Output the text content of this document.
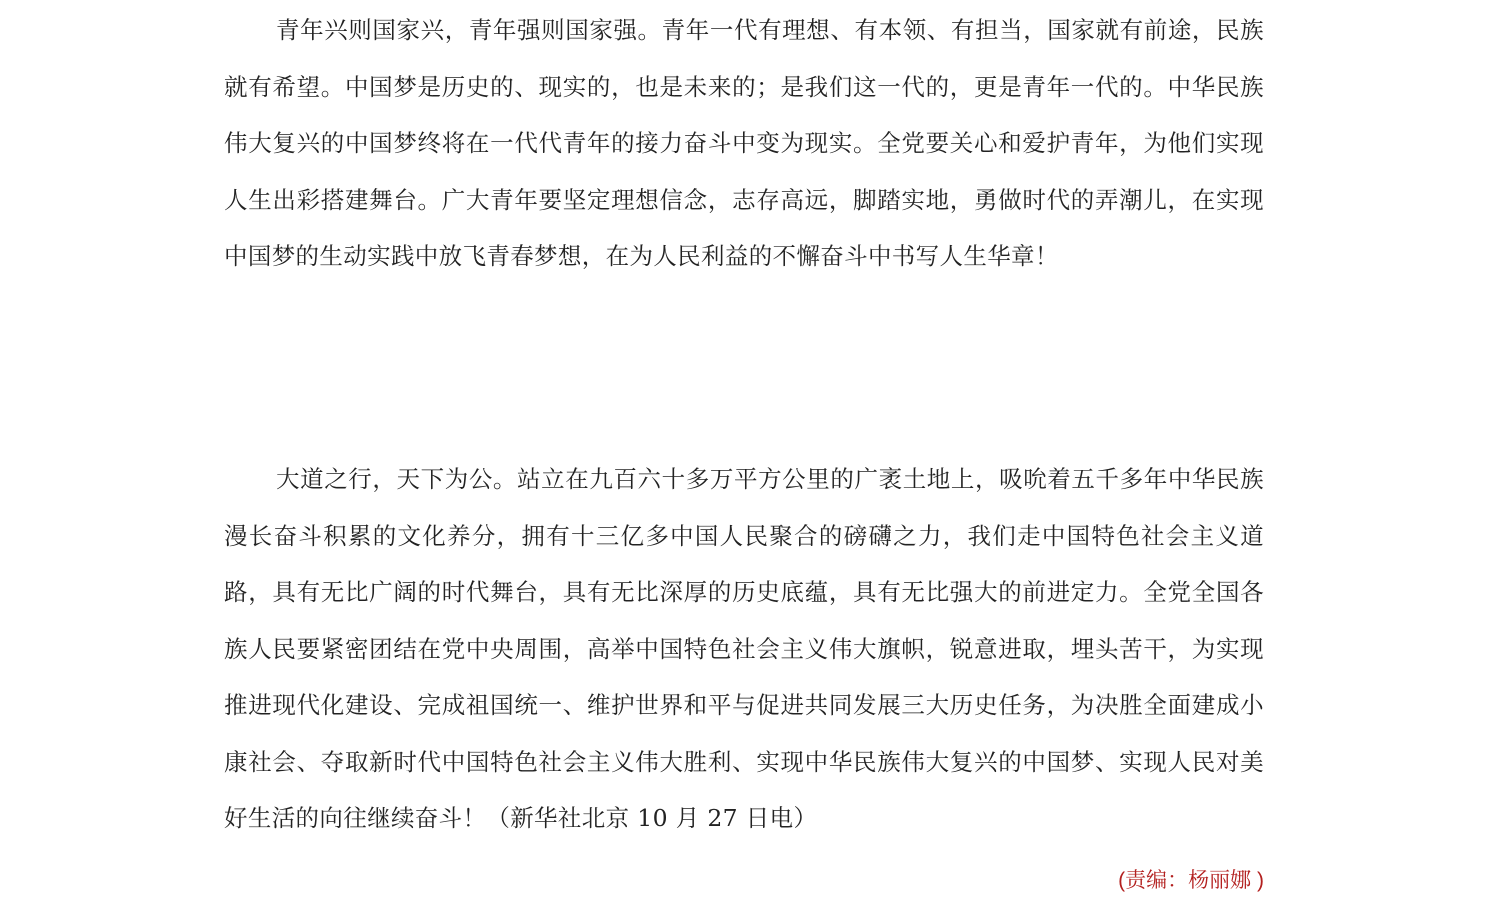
青年兴则国家兴，青年强则国家强。青年一代有理想、有本领、有担当，国家就有前途，民族就有希望。中国梦是历史的、现实的，也是未来的；是我们这一代的，更是青年一代的。中华民族伟大复兴的中国梦终将在一代代青年的接力奋斗中变为现实。全党要关心和爱护青年，为他们实现人生出彩搭建舞台。广大青年要坚定理想信念，志存高远，脚踏实地，勇做时代的弄潮儿，在实现中国梦的生动实践中放飞青春梦想，在为人民利益的不懈奋斗中书写人生华章！

大道之行，天下为公。站立在九百六十多万平方公里的广袤土地上，吸吮着五千多年中华民族漫长奋斗积累的文化养分，拥有十三亿多中国人民聚合的磅礴之力，我们走中国特色社会主义道路，具有无比广阔的时代舞台，具有无比深厚的历史底蕴，具有无比强大的前进定力。全党全国各族人民要紧密团结在党中央周围，高举中国特色社会主义伟大旗帜，锐意进取，埋头苦干，为实现推进现代化建设、完成祖国统一、维护世界和平与促进共同发展三大历史任务，为决胜全面建成小康社会、夺取新时代中国特色社会主义伟大胜利、实现中华民族伟大复兴的中国梦、实现人民对美好生活的向往继续奋斗！（新华社北京 10 月 27 日电）

(责编：杨丽娜 )
